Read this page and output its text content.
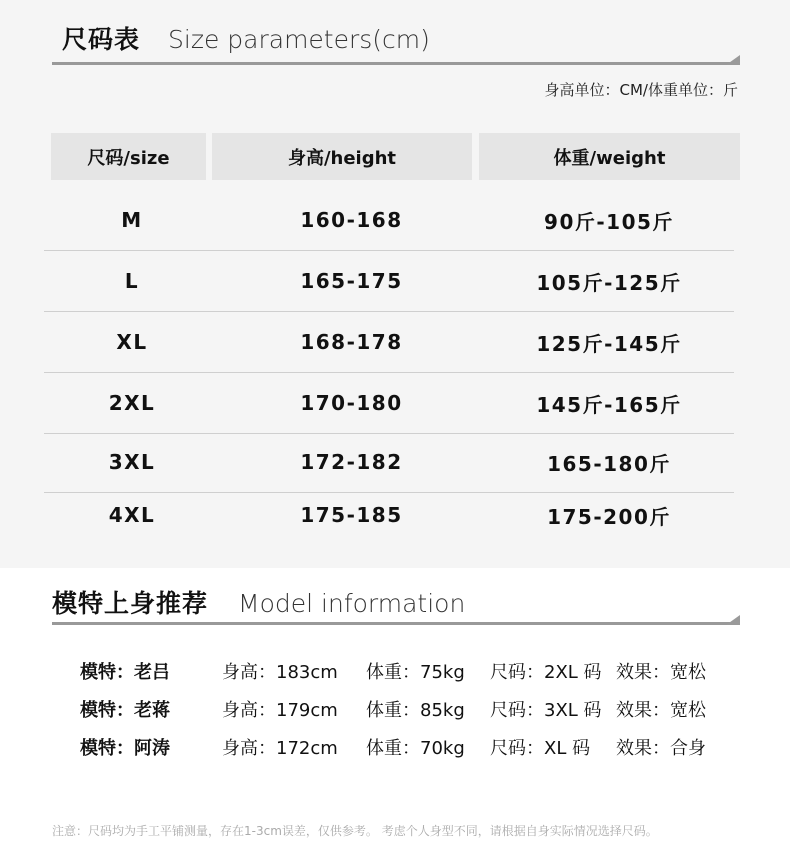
尺码表 Size parameters(cm)
身高单位：CM/体重单位：斤
尺码/size	身高/height	体重/weight
M	160-168	90斤-105斤
L	165-175	105斤-125斤
XL	168-178	125斤-145斤
2XL	170-180	145斤-165斤
3XL	172-182	165-180斤
4XL	175-185	175-200斤
模特上身推荐 Model information
模特：老吕	身高：183cm 体重：75kg 尺码：2XL 码 效果：宽松
模特：老蒋	身高：179cm 体重：85kg 尺码：3XL 码 效果：宽松
模特：阿涛	身高：172cm 体重：70kg 尺码：XL 码 效果：合身
注意：尺码均为手工平铺测量，存在1-3cm误差，仅供参考。 考虑个人身型不同，请根据自身实际情况选择尺码。
